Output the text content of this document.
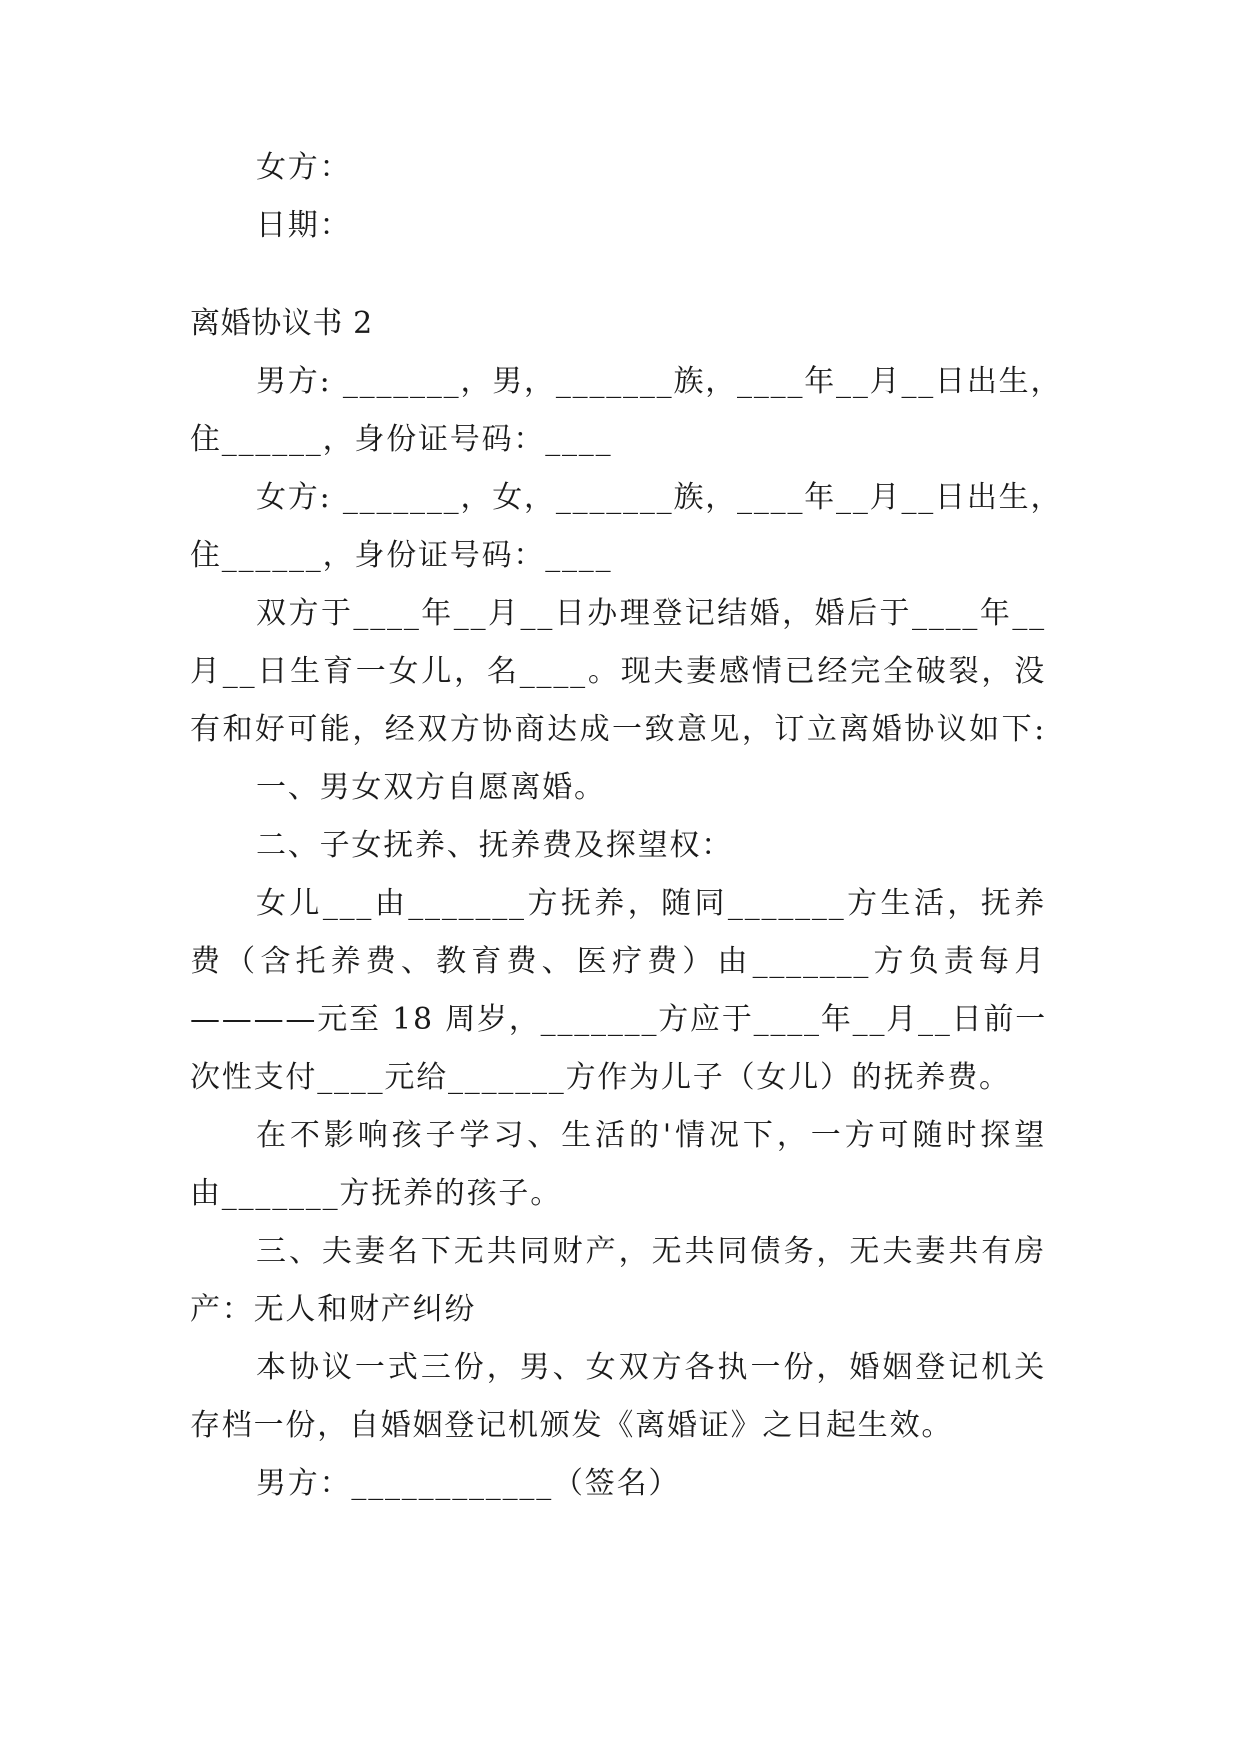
女方：
日期：
离婚协议书 2
男方: _______，男，_______族，____年__月__日出生，
住______，身份证号码：____
女方: _______，女，_______族，____年__月__日出生，
住______，身份证号码：____
双方于____年__月__日办理登记结婚，婚后于____年__
月__日生育一女儿，名____。现夫妻感情已经完全破裂，没
有和好可能，经双方协商达成一致意见，订立离婚协议如下:
一、男女双方自愿离婚。
二、子女抚养、抚养费及探望权：
女儿___由_______方抚养，随同_______方生活，抚养
费（含托养费、教育费、医疗费）由_______方负责每月
————元至 18 周岁，_______方应于____年__月__日前一
次性支付____元给_______方作为儿子（女儿）的抚养费。
在不影响孩子学习、生活的'情况下，一方可随时探望
由_______方抚养的孩子。
三、夫妻名下无共同财产，无共同债务，无夫妻共有房
产：无人和财产纠纷
本协议一式三份，男、女双方各执一份，婚姻登记机关
存档一份，自婚姻登记机颁发《离婚证》之日起生效。
男方：____________（签名）
